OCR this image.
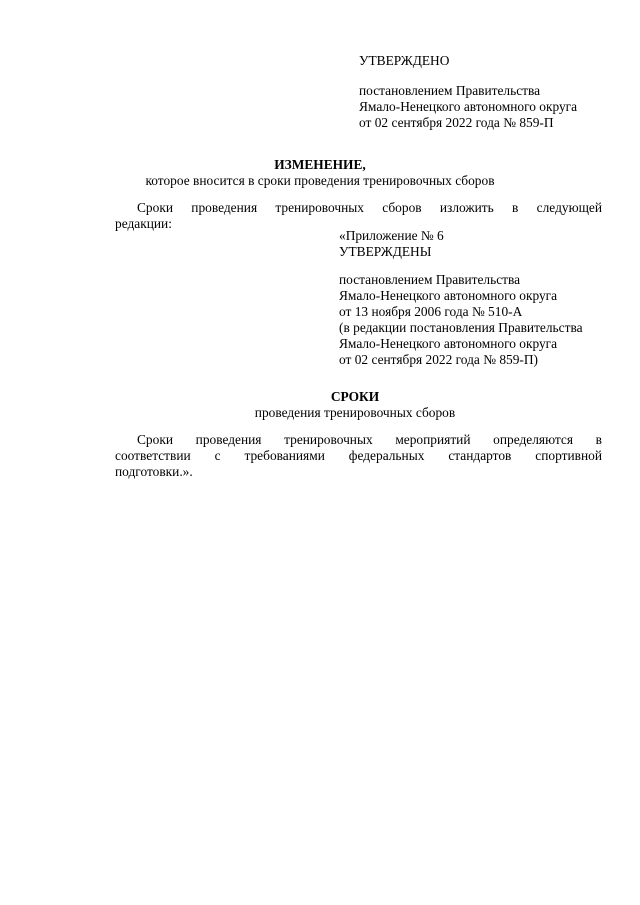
УТВЕРЖДЕНО
постановлением Правительства
Ямало-Ненецкого автономного округа
от 02 сентября 2022 года № 859-П
ИЗМЕНЕНИЕ,
которое вносится в сроки проведения тренировочных сборов
Сроки проведения тренировочных сборов изложить в следующей
редакции:
«Приложение № 6
УТВЕРЖДЕНЫ
постановлением Правительства
Ямало-Ненецкого автономного округа
от 13 ноября 2006 года № 510-А
(в редакции постановления Правительства
Ямало-Ненецкого автономного округа
от 02 сентября 2022 года № 859-П)
СРОКИ
проведения тренировочных сборов
Сроки проведения тренировочных мероприятий определяются в
соответствии с требованиями федеральных стандартов спортивной
подготовки.».
